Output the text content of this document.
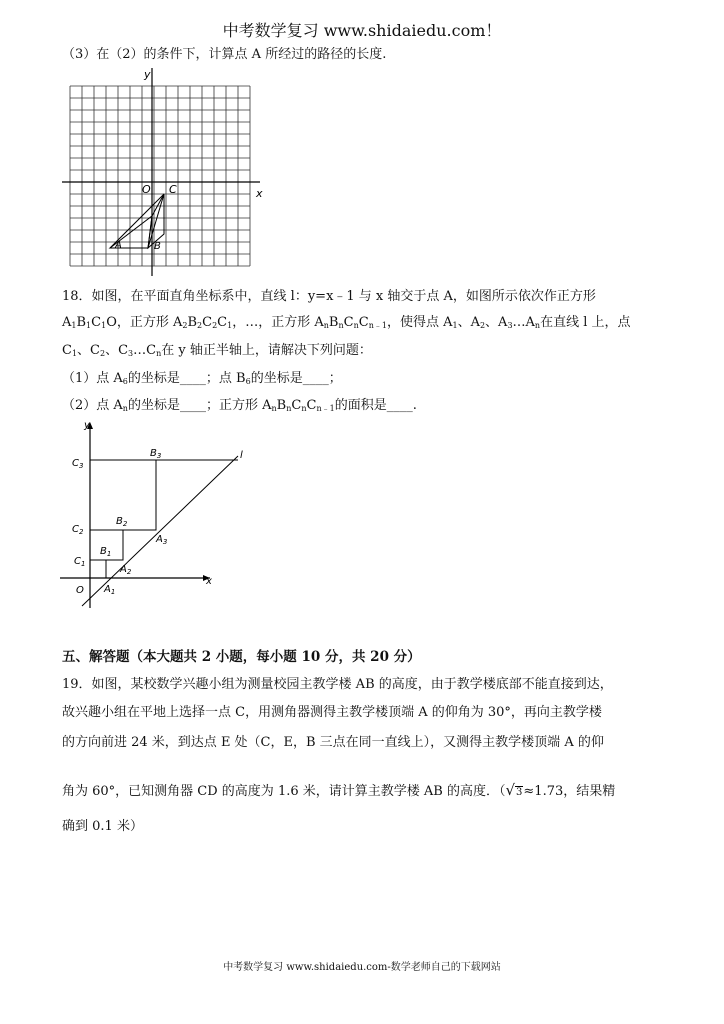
中考数学复习 www.shidaiedu.com！
（3）在（2）的条件下，计算点 A 所经过的路径的长度.
y
x
O C
A	B
18．如图，在平面直角坐标系中，直线 l：y=x﹣1 与 x 轴交于点 A，如图所示依次作正方形
$A_1B_1C_1O$，正方形 $A_2B_2C_2C_1$，…，正方形 $A_nB_nC_nC_{n﹣1}$，使得点 $A_1$、$A_2$、$A_3\dots A_n$在直线 l 上，点
$C_1$、$C_2$、$C_3\dots C_n$在 y 轴正半轴上，请解决下列问题：
（1）点 $A_6$的坐标是____；点 $B_6$的坐标是____；
（2）点 $A_n$的坐标是____；正方形 $A_nB_nC_nC_{n﹣1}$的面积是____.
y
x
l
O
$C_3$
$B_3$
$C_2$
$B_2$
$C_1$
$B_1$
$A_3$
$A_2$
$A_1$
五、解答题（本大题共 2 小题，每小题 10 分，共 20 分）
19．如图，某校数学兴趣小组为测量校园主教学楼 AB 的高度，由于教学楼底部不能直接到达，
故兴趣小组在平地上选择一点 C，用测角器测得主教学楼顶端 A 的仰角为 30°，再向主教学楼
的方向前进 24 米，到达点 E 处（C，E，B 三点在同一直线上），又测得主教学楼顶端 A 的仰
角为 60°，已知测角器 CD 的高度为 1.6 米，请计算主教学楼 AB 的高度．（√3≈1.73，结果精
确到 0.1 米）
中考数学复习 www.shidaiedu.com-数学老师自己的下载网站
